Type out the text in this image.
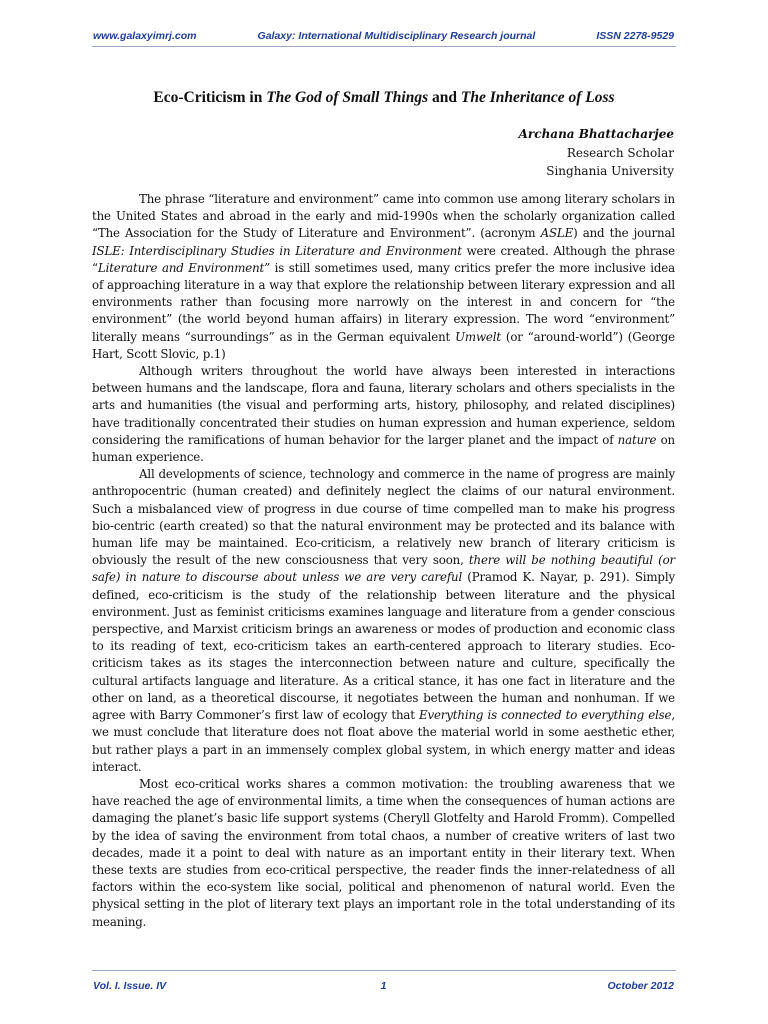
www.galaxyimrj.com	Galaxy: International Multidisciplinary Research journal	ISSN 2278-9529
Eco-Criticism in The God of Small Things and The Inheritance of Loss
Archana Bhattacharjee
Research Scholar
Singhania University

The phrase “literature and environment” came into common use among literary scholars in the United States and abroad in the early and mid-1990s when the scholarly organization called “The Association for the Study of Literature and Environment”. (acronym ASLE) and the journal ISLE: Interdisciplinary Studies in Literature and Environment were created. Although the phrase “Literature and Environment” is still sometimes used, many critics prefer the more inclusive idea of approaching literature in a way that explore the relationship between literary expression and all environments rather than focusing more narrowly on the interest in and concern for “the environment” (the world beyond human affairs) in literary expression. The word “environment” literally means “surroundings” as in the German equivalent Umwelt (or “around-world”) (George Hart, Scott Slovic, p.1)

Although writers throughout the world have always been interested in interactions between humans and the landscape, flora and fauna, literary scholars and others specialists in the arts and humanities (the visual and performing arts, history, philosophy, and related disciplines) have traditionally concentrated their studies on human expression and human experience, seldom considering the ramifications of human behavior for the larger planet and the impact of nature on human experience.

All developments of science, technology and commerce in the name of progress are mainly anthropocentric (human created) and definitely neglect the claims of our natural environment. Such a misbalanced view of progress in due course of time compelled man to make his progress bio-centric (earth created) so that the natural environment may be protected and its balance with human life may be maintained. Eco-criticism, a relatively new branch of literary criticism is obviously the result of the new consciousness that very soon, there will be nothing beautiful (or safe) in nature to discourse about unless we are very careful (Pramod K. Nayar, p. 291). Simply defined, eco-criticism is the study of the relationship between literature and the physical environment. Just as feminist criticisms examines language and literature from a gender conscious perspective, and Marxist criticism brings an awareness or modes of production and economic class to its reading of text, eco-criticism takes an earth-centered approach to literary studies. Eco-criticism takes as its stages the interconnection between nature and culture, specifically the cultural artifacts language and literature. As a critical stance, it has one fact in literature and the other on land, as a theoretical discourse, it negotiates between the human and nonhuman. If we agree with Barry Commoner’s first law of ecology that Everything is connected to everything else, we must conclude that literature does not float above the material world in some aesthetic ether, but rather plays a part in an immensely complex global system, in which energy matter and ideas interact.

Most eco-critical works shares a common motivation: the troubling awareness that we have reached the age of environmental limits, a time when the consequences of human actions are damaging the planet’s basic life support systems (Cheryll Glotfelty and Harold Fromm). Compelled by the idea of saving the environment from total chaos, a number of creative writers of last two decades, made it a point to deal with nature as an important entity in their literary text. When these texts are studies from eco-critical perspective, the reader finds the inner-relatedness of all factors within the eco-system like social, political and phenomenon of natural world. Even the physical setting in the plot of literary text plays an important role in the total understanding of its meaning.

Vol. I. Issue. IV	1	October 2012
